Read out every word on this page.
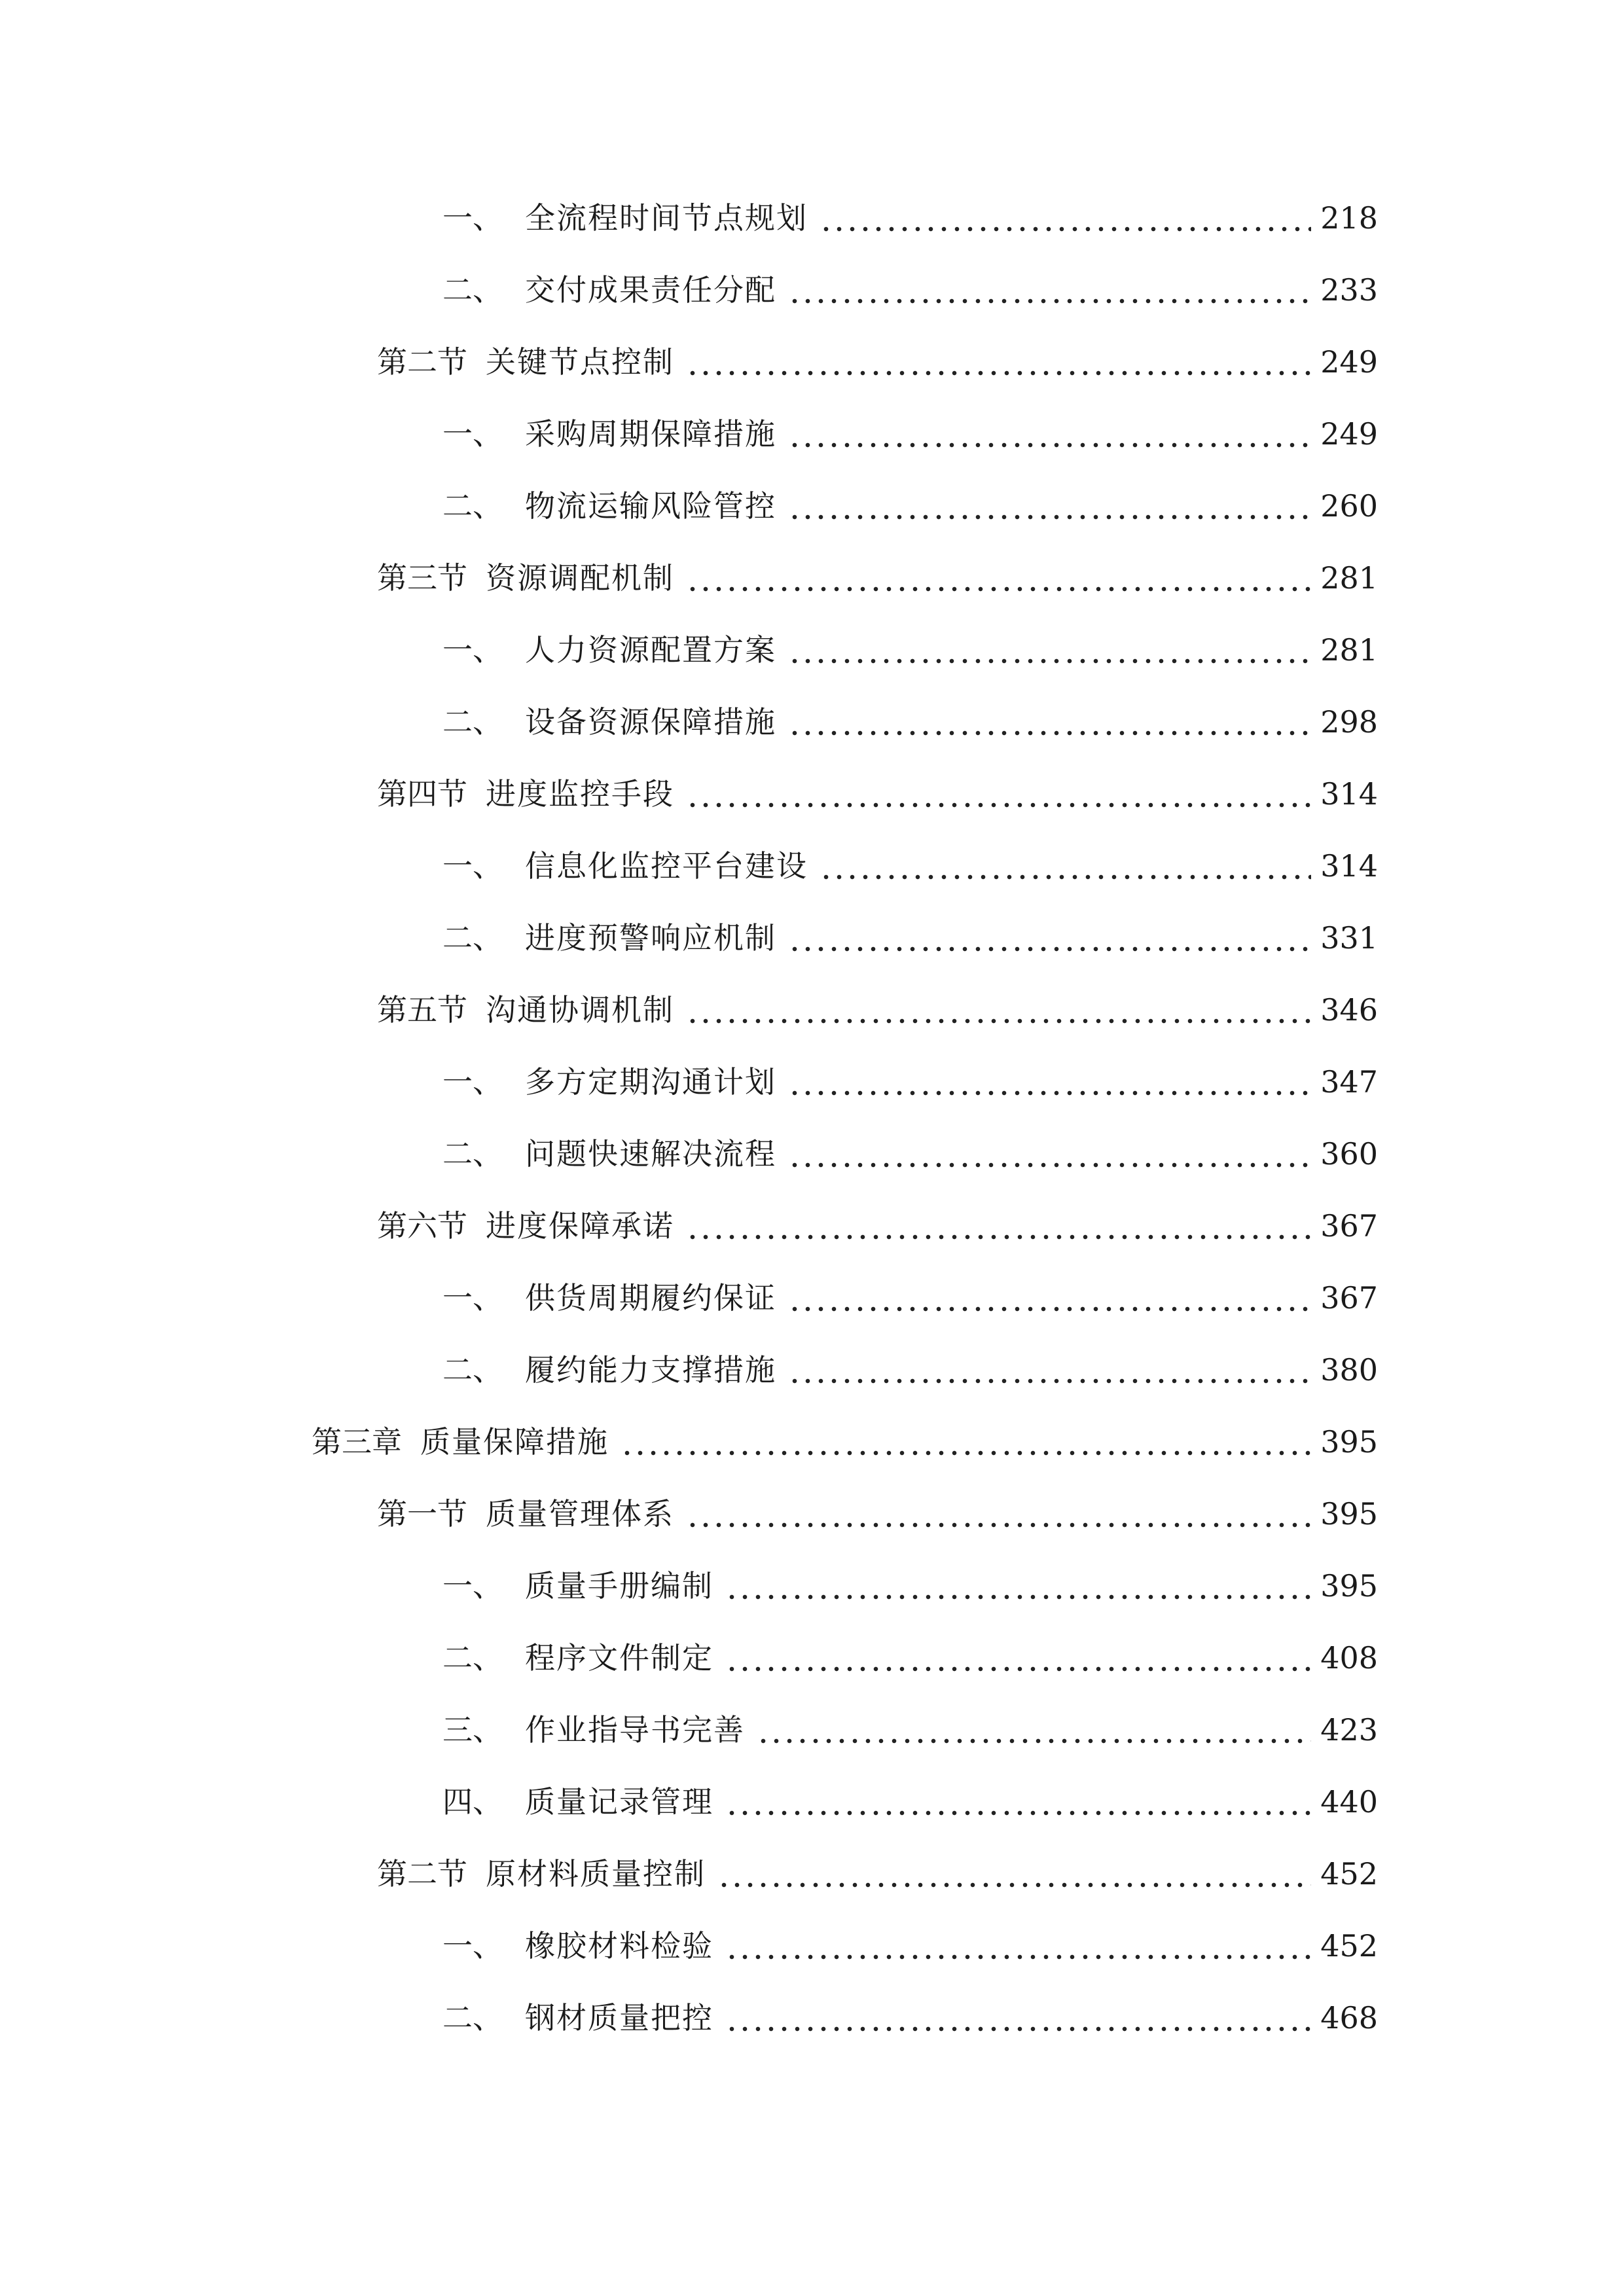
一、 全流程时间节点规划	218
二、 交付成果责任分配	233
第二节 关键节点控制	249
一、 采购周期保障措施	249
二、 物流运输风险管控	260
第三节 资源调配机制	281
一、 人力资源配置方案	281
二、 设备资源保障措施	298
第四节 进度监控手段	314
一、 信息化监控平台建设	314
二、 进度预警响应机制	331
第五节 沟通协调机制	346
一、 多方定期沟通计划	347
二、 问题快速解决流程	360
第六节 进度保障承诺	367
一、 供货周期履约保证	367
二、 履约能力支撑措施	380
第三章 质量保障措施	395
第一节 质量管理体系	395
一、 质量手册编制	395
二、 程序文件制定	408
三、 作业指导书完善	423
四、 质量记录管理	440
第二节 原材料质量控制	452
一、 橡胶材料检验	452
二、 钢材质量把控	468
